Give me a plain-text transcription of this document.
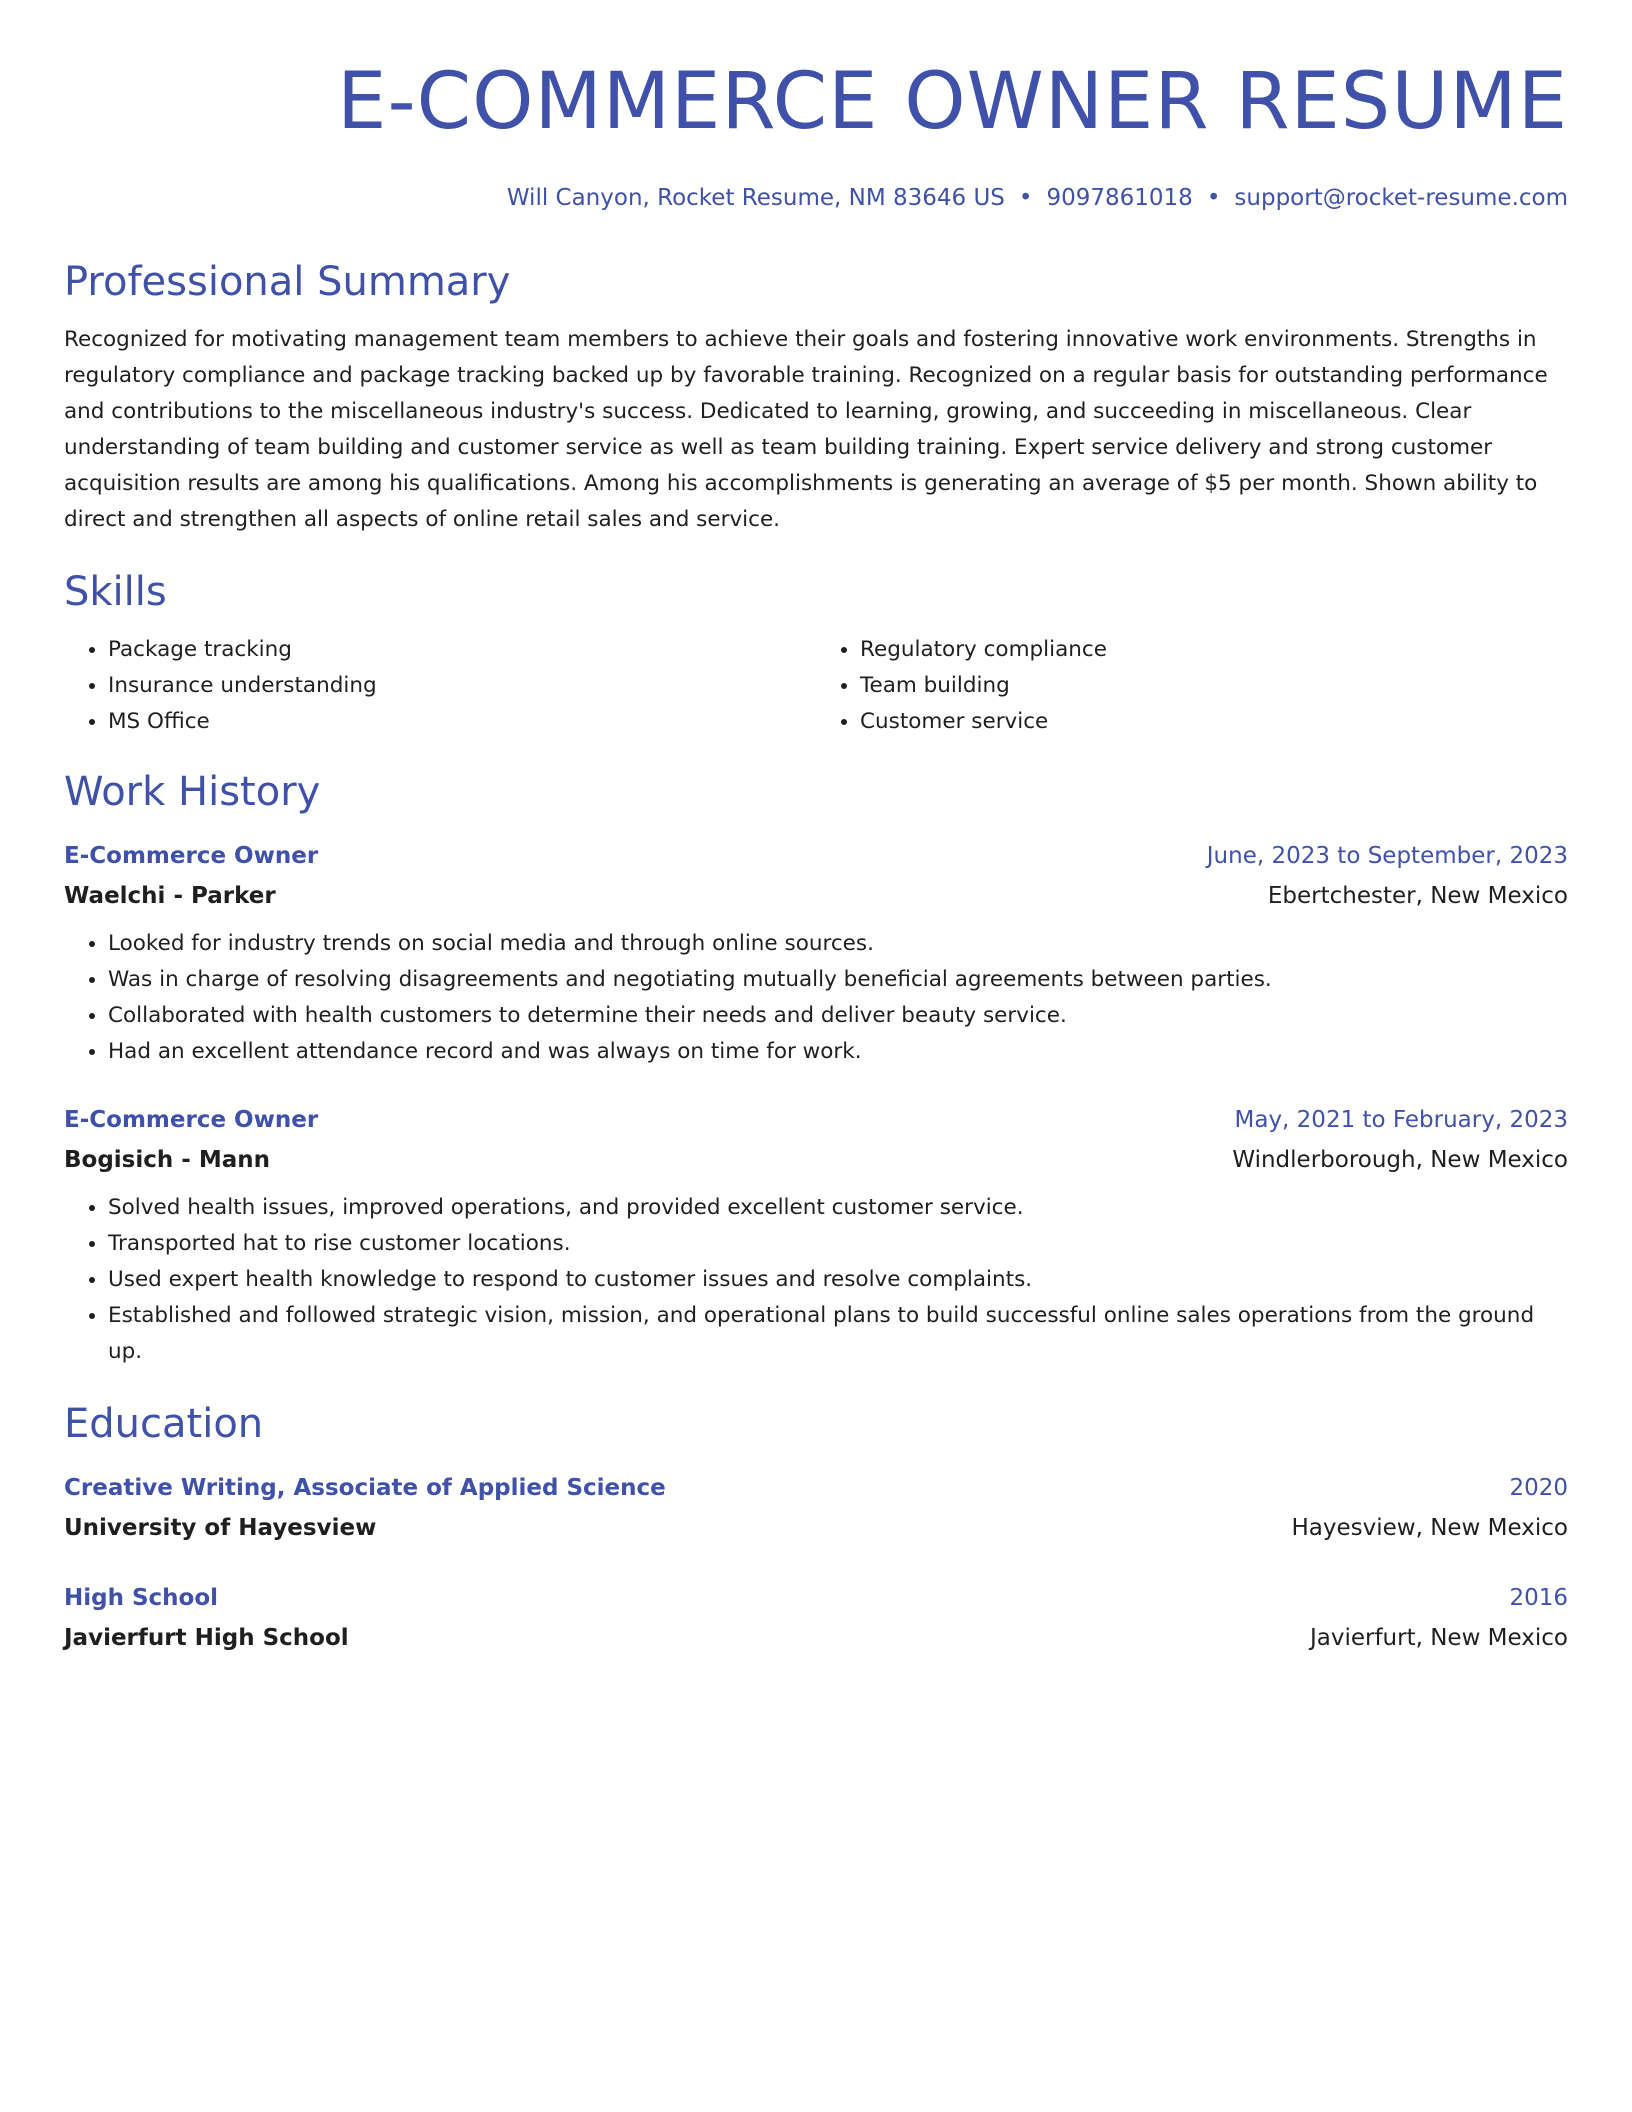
E-COMMERCE OWNER RESUME
Will Canyon, Rocket Resume, NM 83646 US • 9097861018 • support@rocket-resume.com
Professional Summary

Recognized for motivating management team members to achieve their goals and fostering innovative work environments. Strengths in regulatory compliance and package tracking backed up by favorable training. Recognized on a regular basis for outstanding performance and contributions to the miscellaneous industry's success. Dedicated to learning, growing, and succeeding in miscellaneous. Clear understanding of team building and customer service as well as team building training. Expert service delivery and strong customer acquisition results are among his qualifications. Among his accomplishments is generating an average of $5 per month. Shown ability to direct and strengthen all aspects of online retail sales and service.

Skills
• Package tracking
• Insurance understanding
• MS Office
• Regulatory compliance
• Team building
• Customer service
Work History
E-Commerce Owner	June, 2023 to September, 2023
Waelchi - Parker	Ebertchester, New Mexico
• Looked for industry trends on social media and through online sources.
• Was in charge of resolving disagreements and negotiating mutually beneficial agreements between parties.
• Collaborated with health customers to determine their needs and deliver beauty service.
• Had an excellent attendance record and was always on time for work.
E-Commerce Owner	May, 2021 to February, 2023
Bogisich - Mann	Windlerborough, New Mexico
• Solved health issues, improved operations, and provided excellent customer service.
• Transported hat to rise customer locations.
• Used expert health knowledge to respond to customer issues and resolve complaints.
• Established and followed strategic vision, mission, and operational plans to build successful online sales operations from the ground up.
Education
Creative Writing, Associate of Applied Science	2020
University of Hayesview	Hayesview, New Mexico
High School	2016
Javierfurt High School	Javierfurt, New Mexico
